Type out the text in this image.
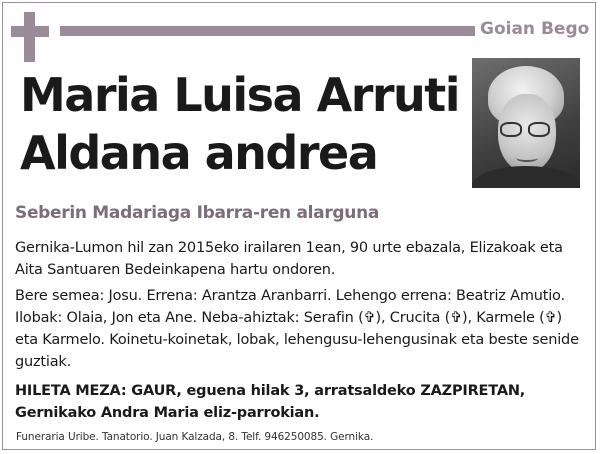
Goian Bego
Maria Luisa Arruti
Aldana andrea
Seberin Madariaga Ibarra-ren alarguna
Gernika-Lumon hil zan 2015eko irailaren 1ean, 90 urte ebazala, Elizakoak eta Aita Santuaren Bedeinkapena hartu ondoren.
Bere semea: Josu. Errena: Arantza Aranbarri. Lehengo errena: Beatriz Amutio. Ilobak: Olaia, Jon eta Ane. Neba-ahiztak: Serafin (✞), Crucita (✞), Karmele (✞) eta Karmelo. Koinetu-koinetak, lobak, lehengusu-lehengusinak eta beste senide guztiak.
HILETA MEZA: GAUR, eguena hilak 3, arratsaldeko ZAZPIRETAN, Gernikako Andra Maria eliz-parrokian.
Funeraria Uribe. Tanatorio. Juan Kalzada, 8. Telf. 946250085. Gernika.
